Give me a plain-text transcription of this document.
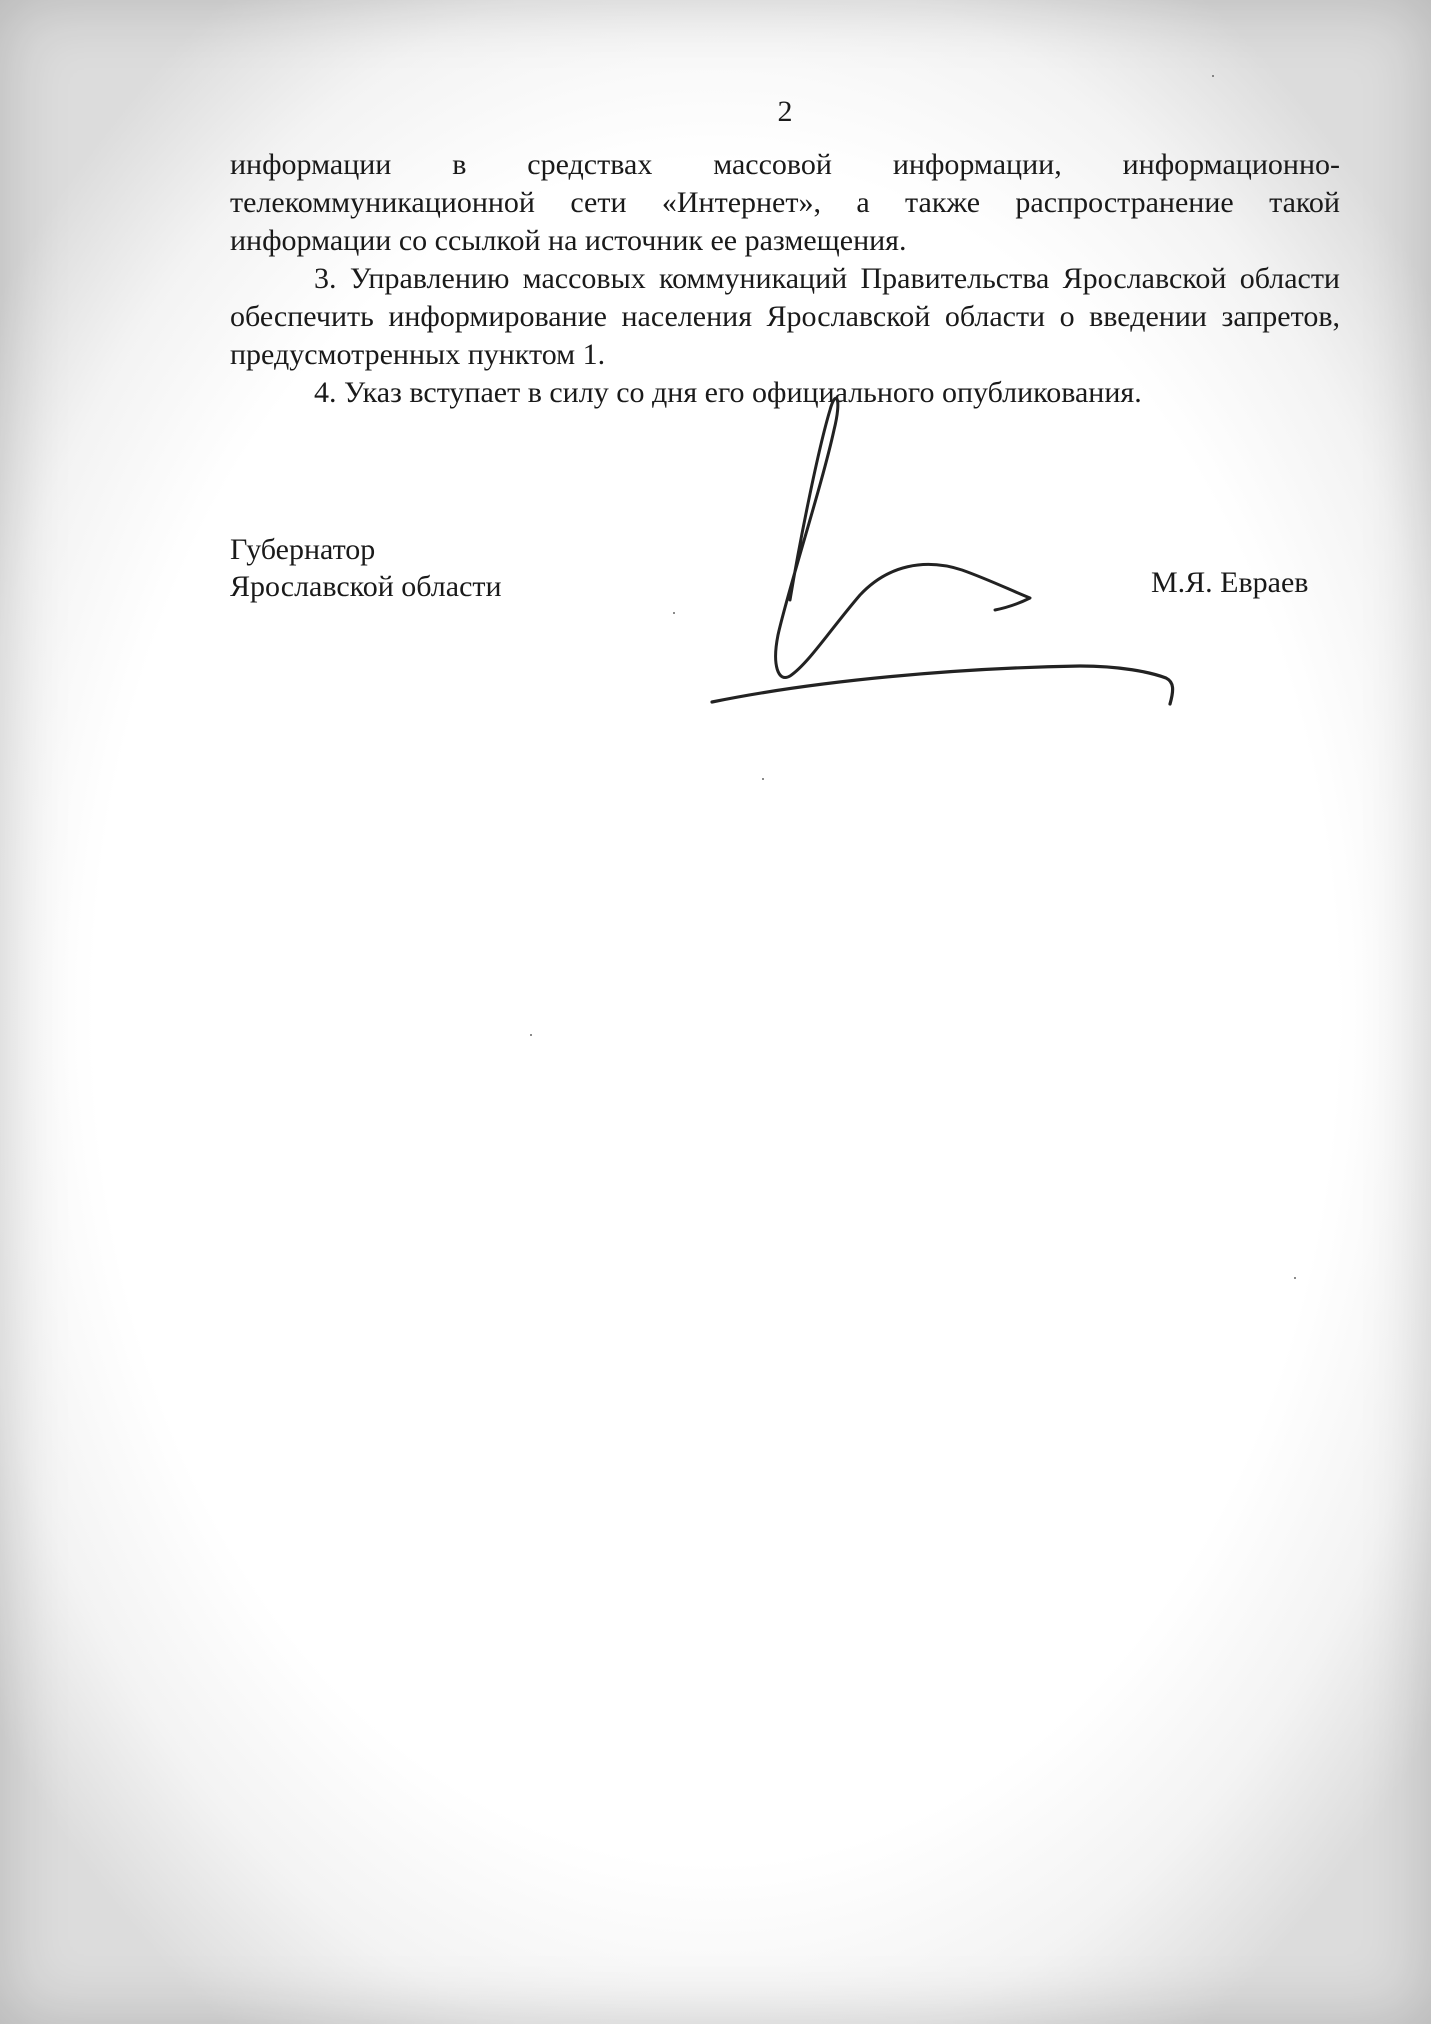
2

информации в средствах массовой информации, информационно-телекоммуникационной сети «Интернет», а также распространение такой информации со ссылкой на источник ее размещения.

3. Управлению массовых коммуникаций Правительства Ярославской области обеспечить информирование населения Ярославской области о введении запретов, предусмотренных пунктом 1.

4. Указ вступает в силу со дня его официального опубликования.

Губернатор
Ярославской области	М.Я. Евраев
